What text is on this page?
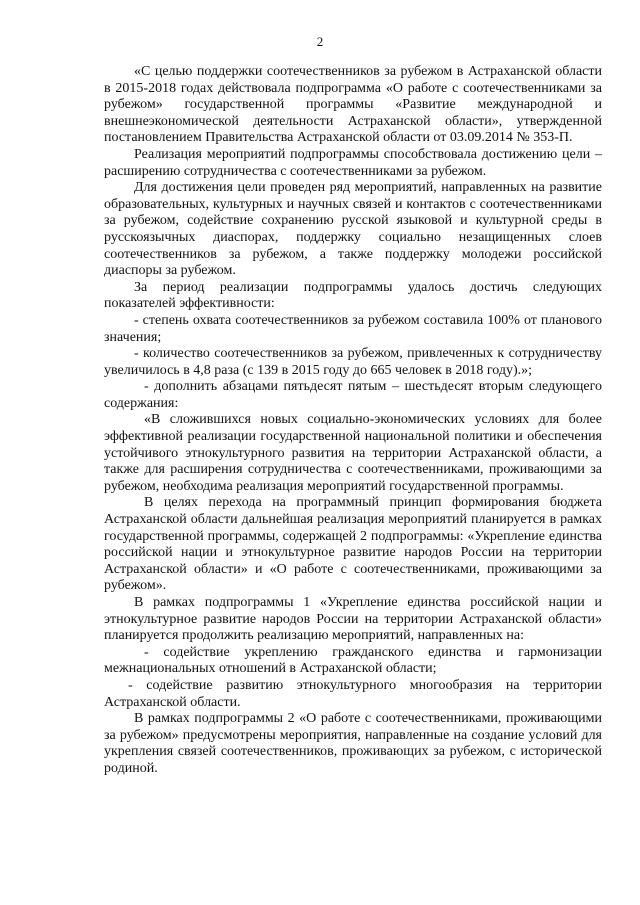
2

«С целью поддержки соотечественников за рубежом в Астраханской области в 2015-2018 годах действовала подпрограмма «О работе с соотечественниками за рубежом» государственной программы «Развитие международной и внешнеэкономической деятельности Астраханской области», утвержденной постановлением Правительства Астраханской области от 03.09.2014 № 353-П.

Реализация мероприятий подпрограммы способствовала достижению цели – расширению сотрудничества с соотечественниками за рубежом.

Для достижения цели проведен ряд мероприятий, направленных на развитие образовательных, культурных и научных связей и контактов с соотечественниками за рубежом, содействие сохранению русской языковой и культурной среды в русскоязычных диаспорах, поддержку социально незащищенных слоев соотечественников за рубежом, а также поддержку молодежи российской диаспоры за рубежом.

За период реализации подпрограммы удалось достичь следующих показателей эффективности:

- степень охвата соотечественников за рубежом составила 100% от планового значения;

- количество соотечественников за рубежом, привлеченных к сотрудничеству увеличилось в 4,8 раза (с 139 в 2015 году до 665 человек в 2018 году).»;

- дополнить абзацами пятьдесят пятым – шестьдесят вторым следующего содержания:

«В сложившихся новых социально-экономических условиях для более эффективной реализации государственной национальной политики и обеспечения устойчивого этнокультурного развития на территории Астраханской области, а также для расширения сотрудничества с соотечественниками, проживающими за рубежом, необходима реализация мероприятий государственной программы.

В целях перехода на программный принцип формирования бюджета Астраханской области дальнейшая реализация мероприятий планируется в рамках государственной программы, содержащей 2 подпрограммы: «Укрепление единства российской нации и этнокультурное развитие народов России на территории Астраханской области» и «О работе с соотечественниками, проживающими за рубежом».

В рамках подпрограммы 1 «Укрепление единства российской нации и этнокультурное развитие народов России на территории Астраханской области» планируется продолжить реализацию мероприятий, направленных на:

- содействие укреплению гражданского единства и гармонизации межнациональных отношений в Астраханской области;

- содействие развитию этнокультурного многообразия на территории Астраханской области.

В рамках подпрограммы 2 «О работе с соотечественниками, проживающими за рубежом» предусмотрены мероприятия, направленные на создание условий для укрепления связей соотечественников, проживающих за рубежом, с исторической родиной.
